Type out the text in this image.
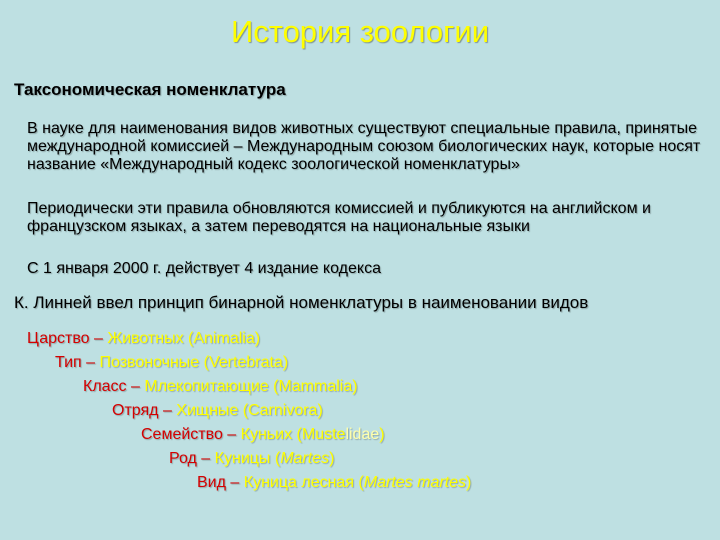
История зоологии
Таксономическая номенклатура
В науке для наименования видов животных существуют специальные правила, принятые международной комиссией – Международным союзом биологических наук, которые носят название «Международный кодекс зоологической номенклатуры»
Периодически эти правила обновляются комиссией и публикуются на английском и французском языках, а затем переводятся на национальные языки
С 1 января 2000 г. действует 4 издание кодекса
К. Линней ввел принцип бинарной номенклатуры в наименовании видов
Царство – Животных (Animalia)
Тип – Позвоночные (Vertebrata)
Класс – Млекопитающие (Mammalia)
Отряд – Хищные (Carnivora)
Семейство – Куньих (Mustelidae)
Род – Куницы (Martes)
Вид – Куница лесная (Martes martes)
